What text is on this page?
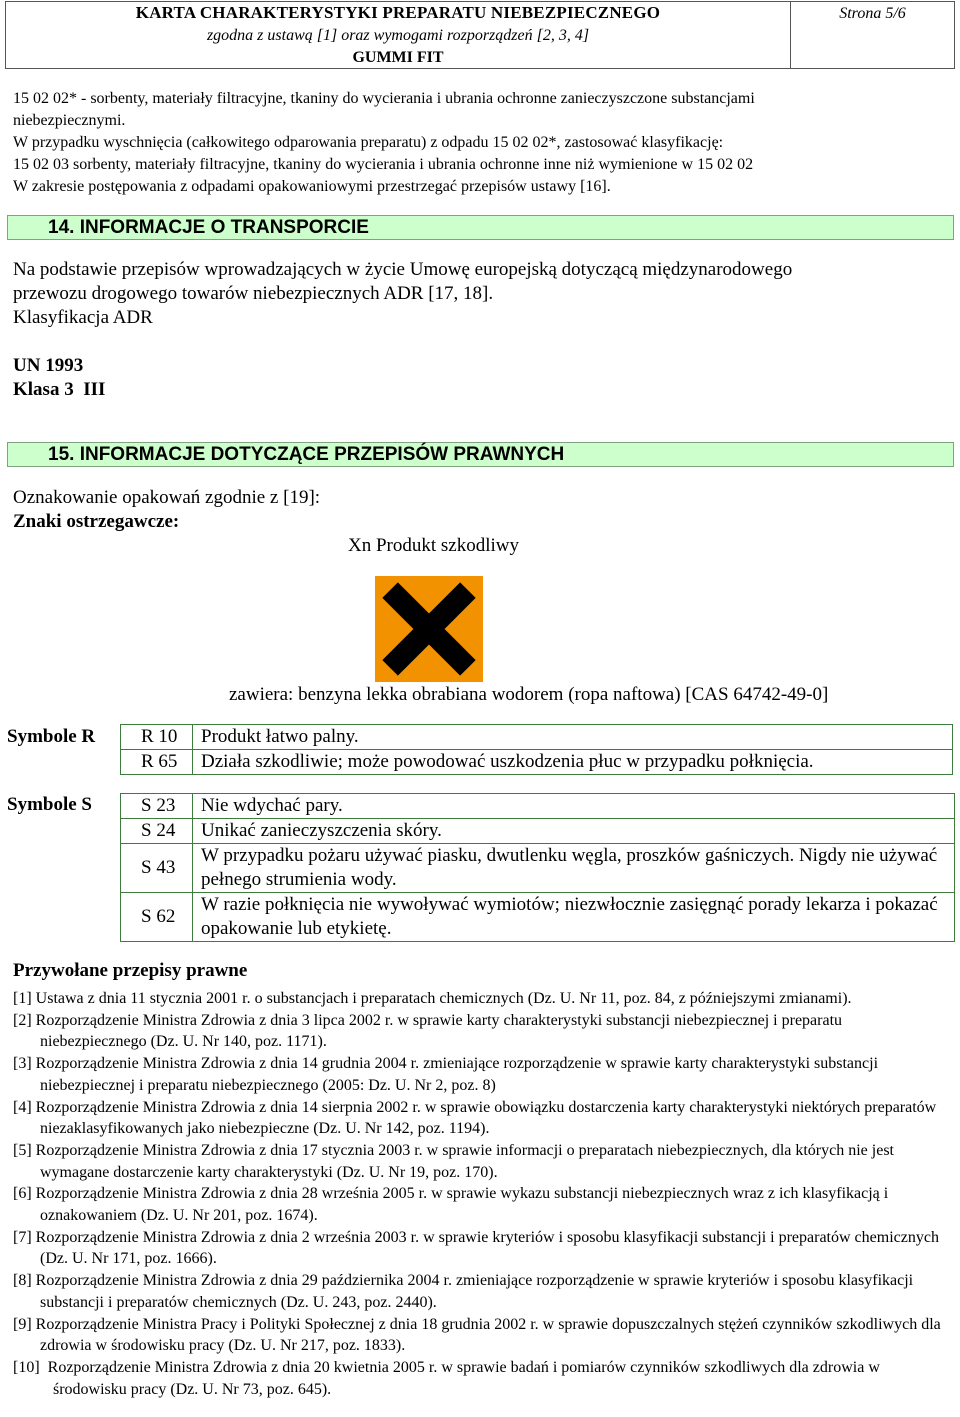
KARTA CHARAKTERYSTYKI PREPARATU NIEBEZPIECZNEGO
zgodna z ustawą [1] oraz wymogami rozporządzeń [2, 3, 4]
GUMMI FIT
Strona 5/6
15 02 02* - sorbenty, materiały filtracyjne, tkaniny do wycierania i ubrania ochronne zanieczyszczone substancjami
niebezpiecznymi.
W przypadku wyschnięcia (całkowitego odparowania preparatu) z odpadu 15 02 02*, zastosować klasyfikację:
15 02 03 sorbenty, materiały filtracyjne, tkaniny do wycierania i ubrania ochronne inne niż wymienione w 15 02 02
W zakresie postępowania z odpadami opakowaniowymi przestrzegać przepisów ustawy [16].
14. INFORMACJE O TRANSPORCIE
Na podstawie przepisów wprowadzających w życie Umowę europejską dotyczącą międzynarodowego
przewozu drogowego towarów niebezpiecznych ADR [17, 18].
Klasyfikacja ADR
UN 1993
Klasa 3  III
15. INFORMACJE DOTYCZĄCE PRZEPISÓW PRAWNYCH
Oznakowanie opakowań zgodnie z [19]:
Znaki ostrzegawcze:
Xn Produkt szkodliwy
zawiera: benzyna lekka obrabiana wodorem (ropa naftowa) [CAS 64742-49-0]
Symbole R R 10	Produkt łatwo palny.
R 65	Działa szkodliwie; może powodować uszkodzenia płuc w przypadku połknięcia.
Symbole S	S 23	Nie wdychać pary.
S 24	Unikać zanieczyszczenia skóry.
S 43	W przypadku pożaru używać piasku, dwutlenku węgla, proszków gaśniczych. Nigdy nie używać pełnego strumienia wody.
S 62	W razie połknięcia nie wywoływać wymiotów; niezwłocznie zasięgnąć porady lekarza i pokazać opakowanie lub etykietę.
Przywołane przepisy prawne
[1] Ustawa z dnia 11 stycznia 2001 r. o substancjach i preparatach chemicznych (Dz. U. Nr 11, poz. 84, z późniejszymi zmianami).
[2] Rozporządzenie Ministra Zdrowia z dnia 3 lipca 2002 r. w sprawie karty charakterystyki substancji niebezpiecznej i preparatu niebezpiecznego (Dz. U. Nr 140, poz. 1171).
[3] Rozporządzenie Ministra Zdrowia z dnia 14 grudnia 2004 r. zmieniające rozporządzenie w sprawie karty charakterystyki substancji niebezpiecznej i preparatu niebezpiecznego (2005: Dz. U. Nr 2, poz. 8)
[4] Rozporządzenie Ministra Zdrowia z dnia 14 sierpnia 2002 r. w sprawie obowiązku dostarczenia karty charakterystyki niektórych preparatów niezaklasyfikowanych jako niebezpieczne (Dz. U. Nr 142, poz. 1194).
[5] Rozporządzenie Ministra Zdrowia z dnia 17 stycznia 2003 r. w sprawie informacji o preparatach niebezpiecznych, dla których nie jest wymagane dostarczenie karty charakterystyki (Dz. U. Nr 19, poz. 170).
[6] Rozporządzenie Ministra Zdrowia z dnia 28 września 2005 r. w sprawie wykazu substancji niebezpiecznych wraz z ich klasyfikacją i oznakowaniem (Dz. U. Nr 201, poz. 1674).
[7] Rozporządzenie Ministra Zdrowia z dnia 2 września 2003 r. w sprawie kryteriów i sposobu klasyfikacji substancji i preparatów chemicznych (Dz. U. Nr 171, poz. 1666).
[8] Rozporządzenie Ministra Zdrowia z dnia 29 października 2004 r. zmieniające rozporządzenie w sprawie kryteriów i sposobu klasyfikacji substancji i preparatów chemicznych (Dz. U. 243, poz. 2440).
[9] Rozporządzenie Ministra Pracy i Polityki Społecznej z dnia 18 grudnia 2002 r. w sprawie dopuszczalnych stężeń czynników szkodliwych dla zdrowia w środowisku pracy (Dz. U. Nr 217, poz. 1833).
[10]  Rozporządzenie Ministra Zdrowia z dnia 20 kwietnia 2005 r. w sprawie badań i pomiarów czynników szkodliwych dla zdrowia w środowisku pracy (Dz. U. Nr 73, poz. 645).
